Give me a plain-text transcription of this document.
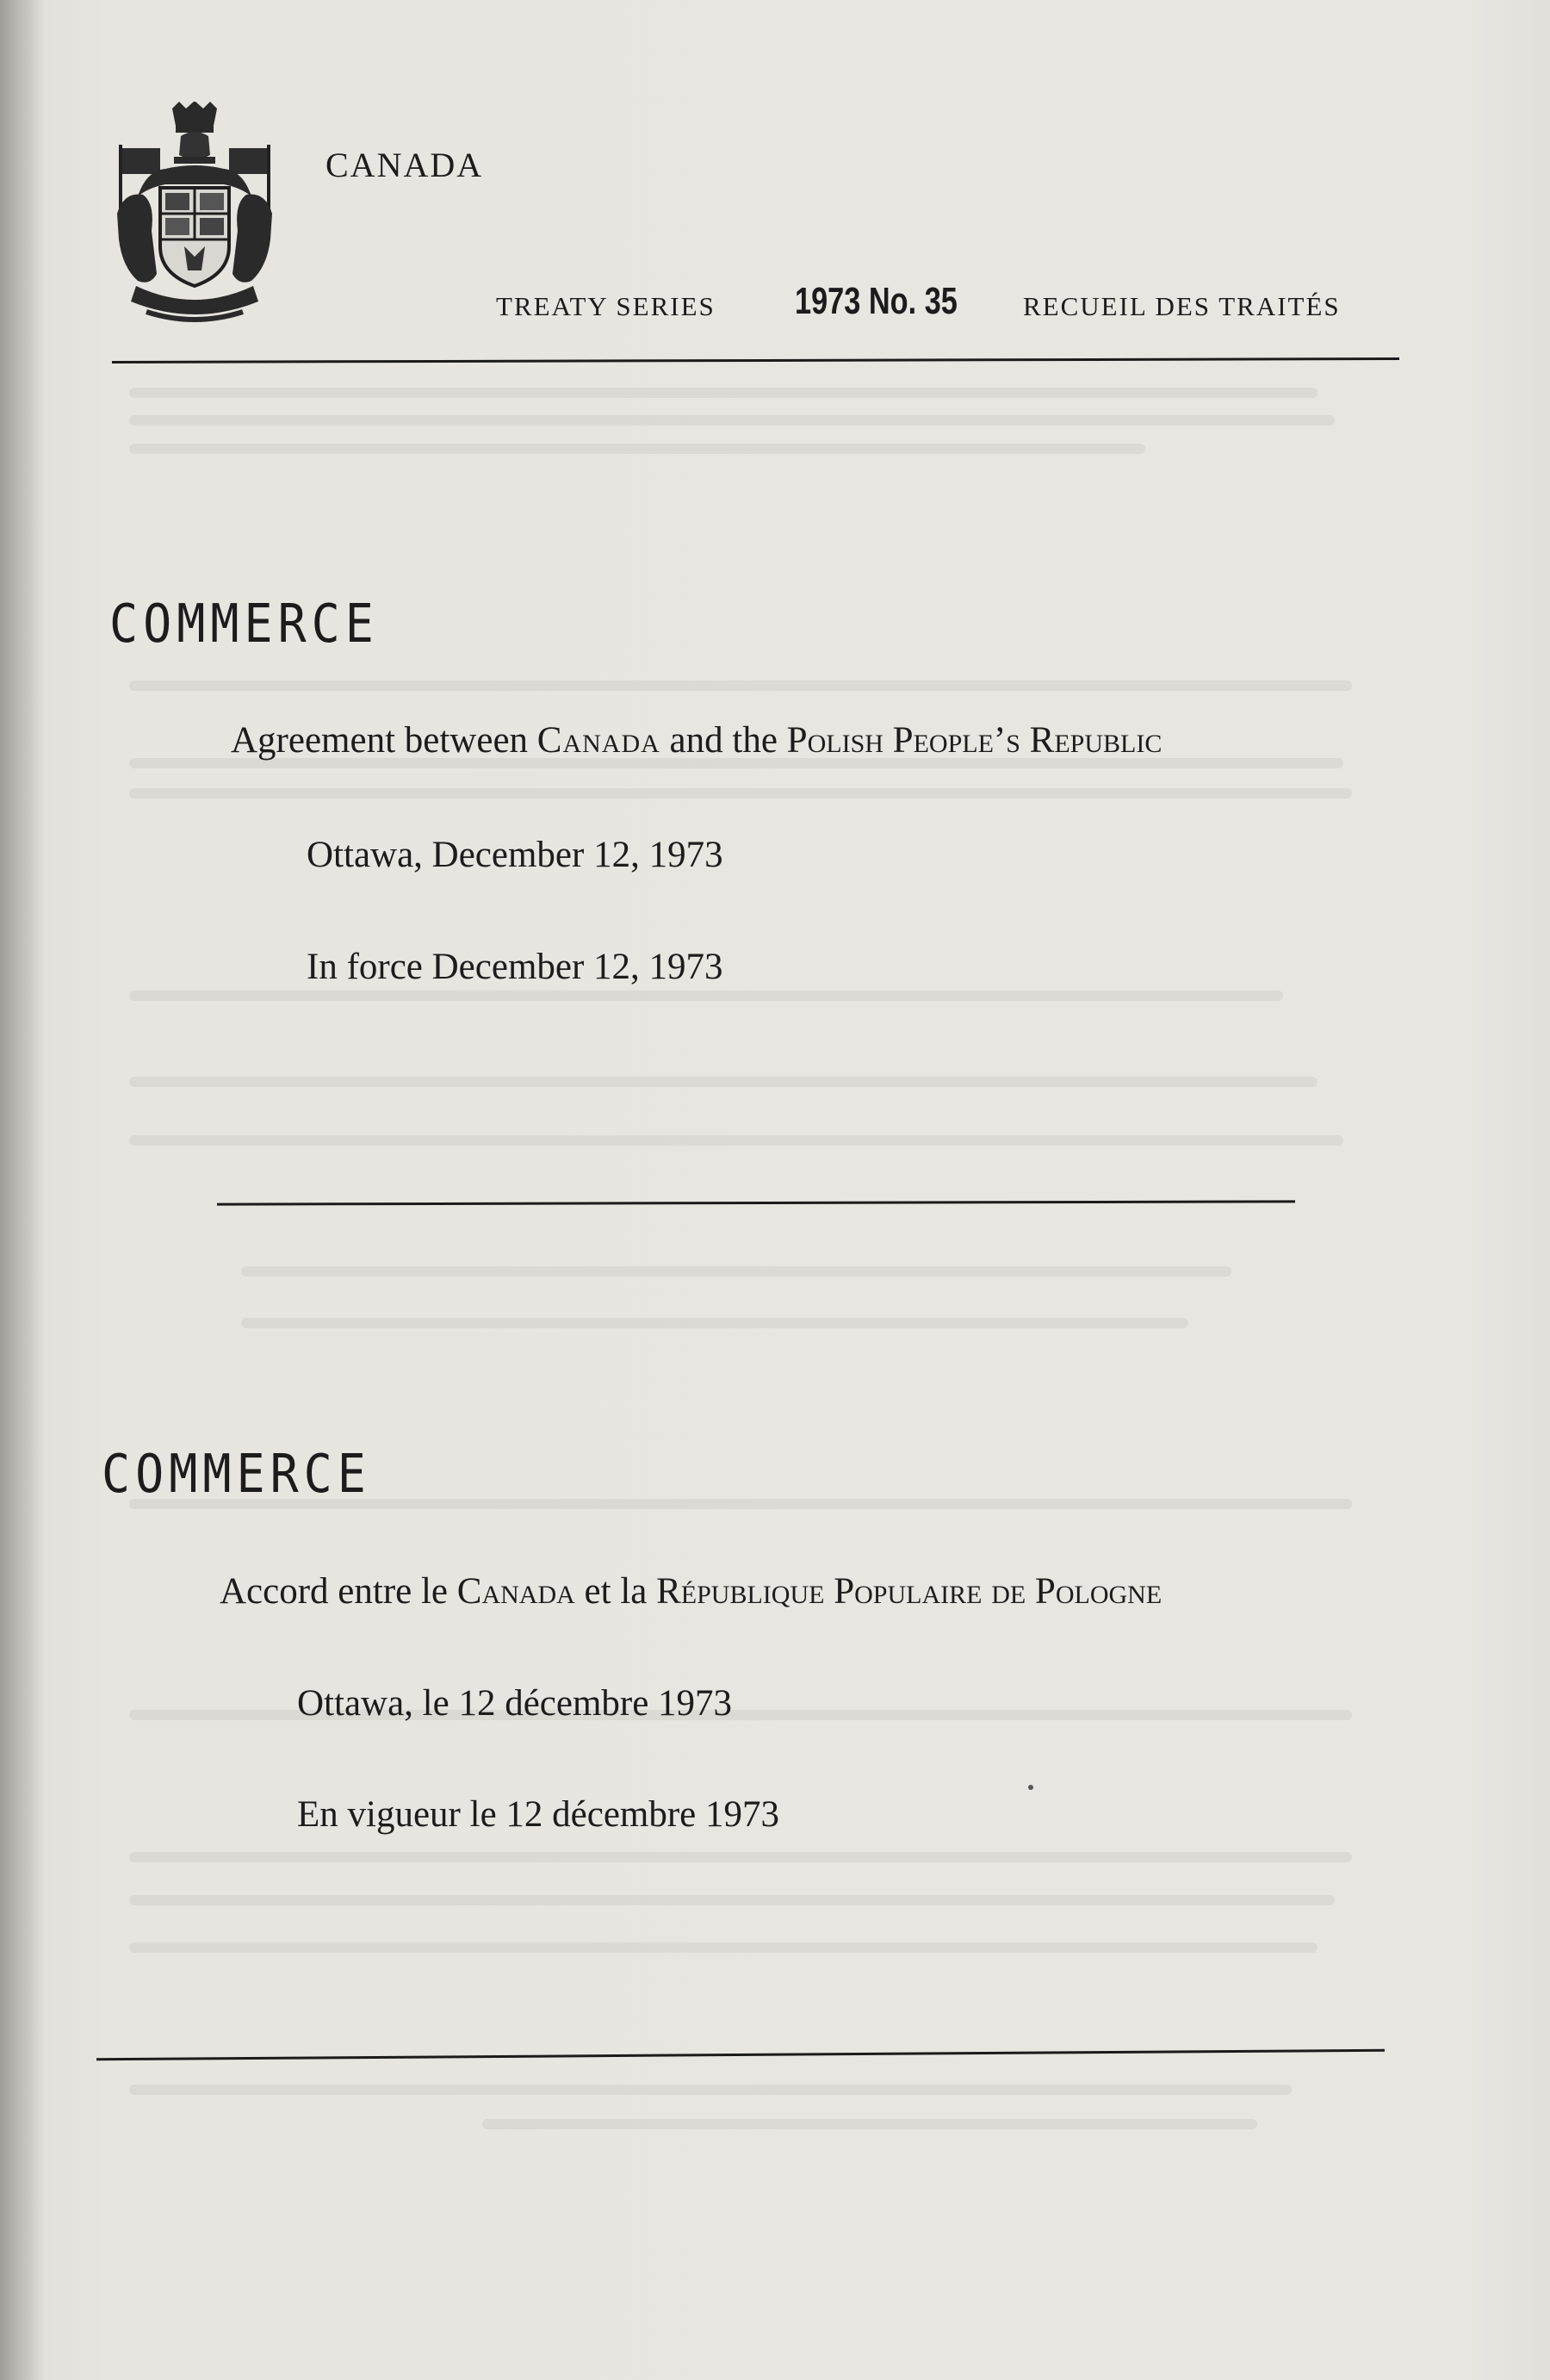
CANADA
TREATY SERIES 1973 No. 35 RECUEIL DES TRAITÉS
COMMERCE
Agreement between Canada and the Polish People’s Republic
Ottawa, December 12, 1973
In force December 12, 1973
COMMERCE
Accord entre le Canada et la République Populaire de Pologne
Ottawa, le 12 décembre 1973
En vigueur le 12 décembre 1973
